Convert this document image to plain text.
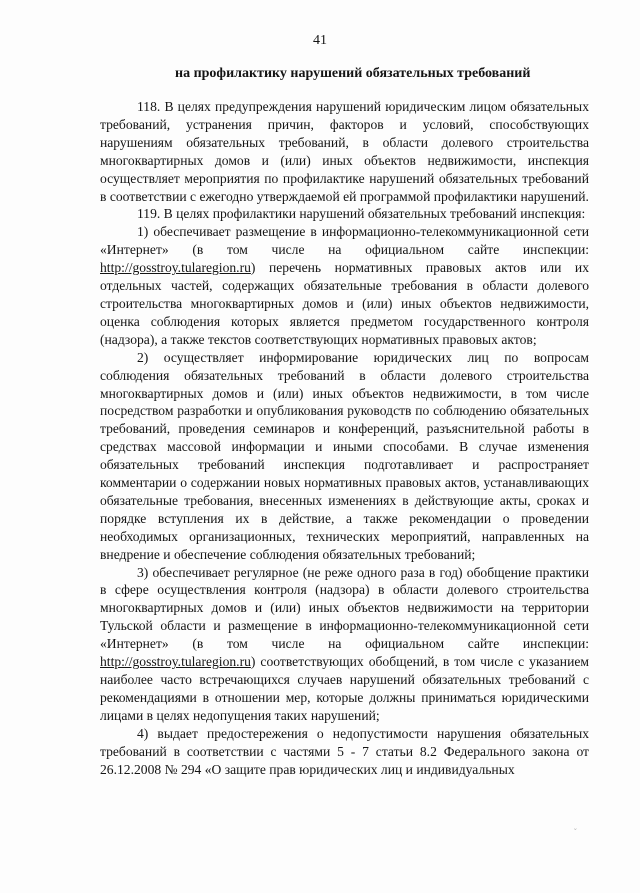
41
на профилактику нарушений обязательных требований

118. В целях предупреждения нарушений юридическим лицом обязательных требований, устранения причин, факторов и условий, способствующих нарушениям обязательных требований, в области долевого строительства многоквартирных домов и (или) иных объектов недвижимости, инспекция осуществляет мероприятия по профилактике нарушений обязательных требований в соответствии с ежегодно утверждаемой ей программой профилактики нарушений.

119. В целях профилактики нарушений обязательных требований инспекция:

1) обеспечивает размещение в информационно-телекоммуникационной сети «Интернет» (в том числе на официальном сайте инспекции: http://gosstroy.tularegion.ru) перечень нормативных правовых актов или их отдельных частей, содержащих обязательные требования в области долевого строительства многоквартирных домов и (или) иных объектов недвижимости, оценка соблюдения которых является предметом государственного контроля (надзора), а также текстов соответствующих нормативных правовых актов;

2) осуществляет информирование юридических лиц по вопросам соблюдения обязательных требований в области долевого строительства многоквартирных домов и (или) иных объектов недвижимости, в том числе посредством разработки и опубликования руководств по соблюдению обязательных требований, проведения семинаров и конференций, разъяснительной работы в средствах массовой информации и иными способами. В случае изменения обязательных требований инспекция подготавливает и распространяет комментарии о содержании новых нормативных правовых актов, устанавливающих обязательные требования, внесенных изменениях в действующие акты, сроках и порядке вступления их в действие, а также рекомендации о проведении необходимых организационных, технических мероприятий, направленных на внедрение и обеспечение соблюдения обязательных требований;

3) обеспечивает регулярное (не реже одного раза в год) обобщение практики в сфере осуществления контроля (надзора) в области долевого строительства многоквартирных домов и (или) иных объектов недвижимости на территории Тульской области и размещение в информационно-телекоммуникационной сети «Интернет» (в том числе на официальном сайте инспекции: http://gosstroy.tularegion.ru) соответствующих обобщений, в том числе с указанием наиболее часто встречающихся случаев нарушений обязательных требований с рекомендациями в отношении мер, которые должны приниматься юридическими лицами в целях недопущения таких нарушений;

4) выдает предостережения о недопустимости нарушения обязательных требований в соответствии с частями 5 - 7 статьи 8.2 Федерального закона от 26.12.2008 № 294 «О защите прав юридических лиц и индивидуальных

˘
